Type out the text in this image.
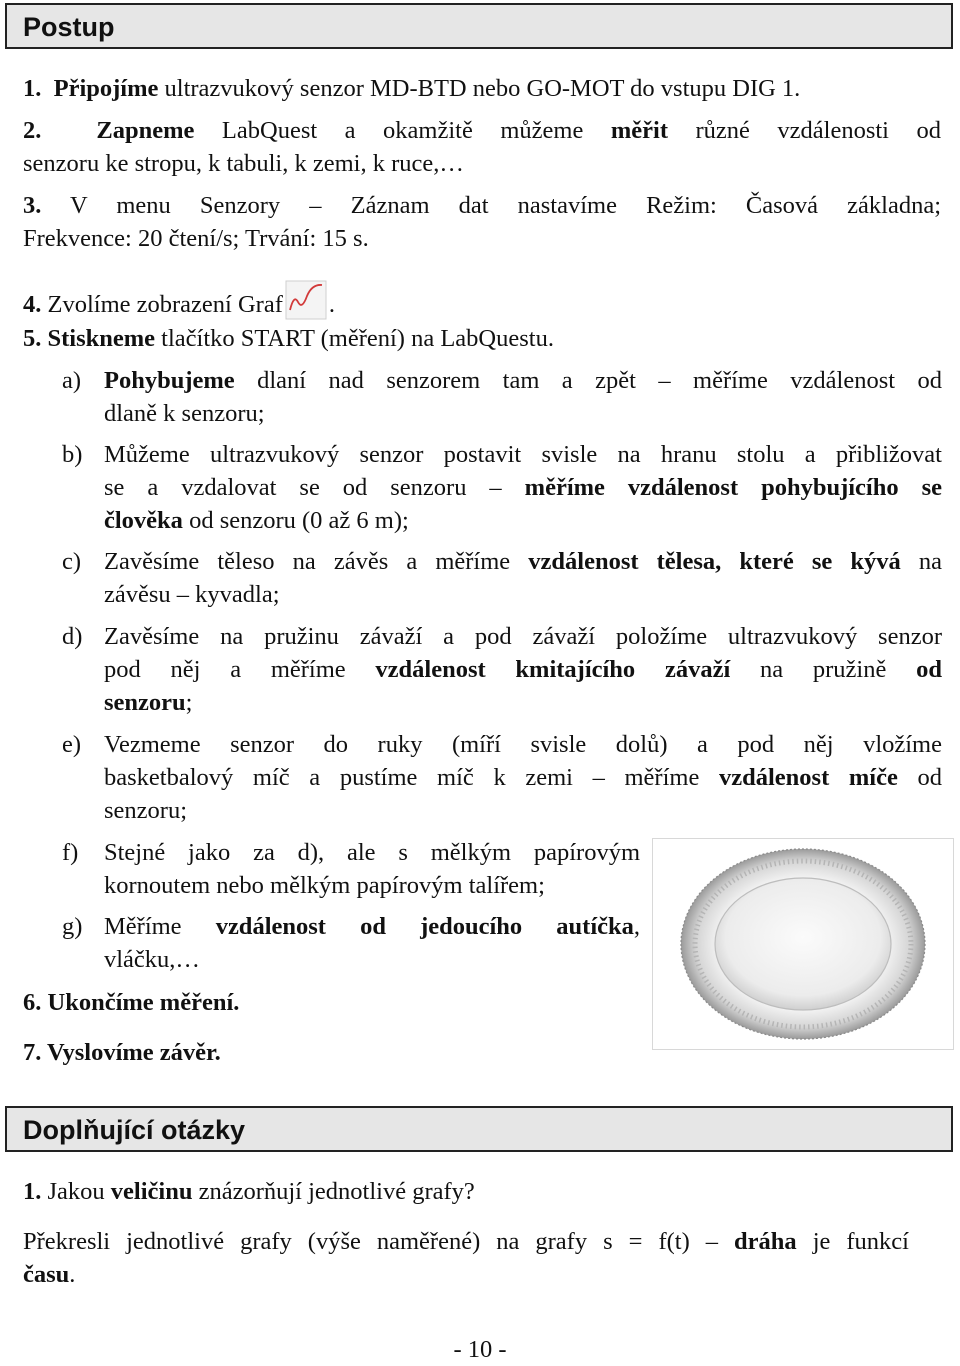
Postup

1. Připojíme ultrazvukový senzor MD-BTD nebo GO-MOT do vstupu DIG 1.

2. Zapneme LabQuest a okamžitě můžeme měřit různé vzdálenosti od
senzoru ke stropu, k tabuli, k zemi, k ruce,…
3. V menu Senzory – Záznam dat nastavíme Režim: Časová základna;
Frekvence: 20 čtení/s; Trvání: 15 s.

4. Zvolíme zobrazení Graf .

5. Stiskneme tlačítko START (měření) na LabQuestu.

a) Pohybujeme dlaní nad senzorem tam a zpět – měříme vzdálenost od
dlaně k senzoru;
b) Můžeme ultrazvukový senzor postavit svisle na hranu stolu a přibližovat
se a vzdalovat se od senzoru – měříme vzdálenost pohybujícího se
člověka od senzoru (0 až 6 m);
c) Zavěsíme těleso na závěs a měříme vzdálenost tělesa, které se kývá na
závěsu – kyvadla;
d) Zavěsíme na pružinu závaží a pod závaží položíme ultrazvukový senzor
pod něj a měříme vzdálenost kmitajícího závaží na pružině od
senzoru;
e) Vezmeme senzor do ruky (míří svisle dolů) a pod něj vložíme
basketbalový míč a pustíme míč k zemi – měříme vzdálenost míče od
senzoru;
f) Stejné jako za d), ale s mělkým papírovým
kornoutem nebo mělkým papírovým talířem;
g) Měříme vzdálenost od jedoucího autíčka,
vláčku,…

6. Ukončíme měření.

7. Vyslovíme závěr.

Doplňující otázky

1. Jakou veličinu znázorňují jednotlivé grafy?

Překresli jednotlivé grafy (výše naměřené) na grafy s = f(t) – dráha je funkcí
času.
- 10 -
